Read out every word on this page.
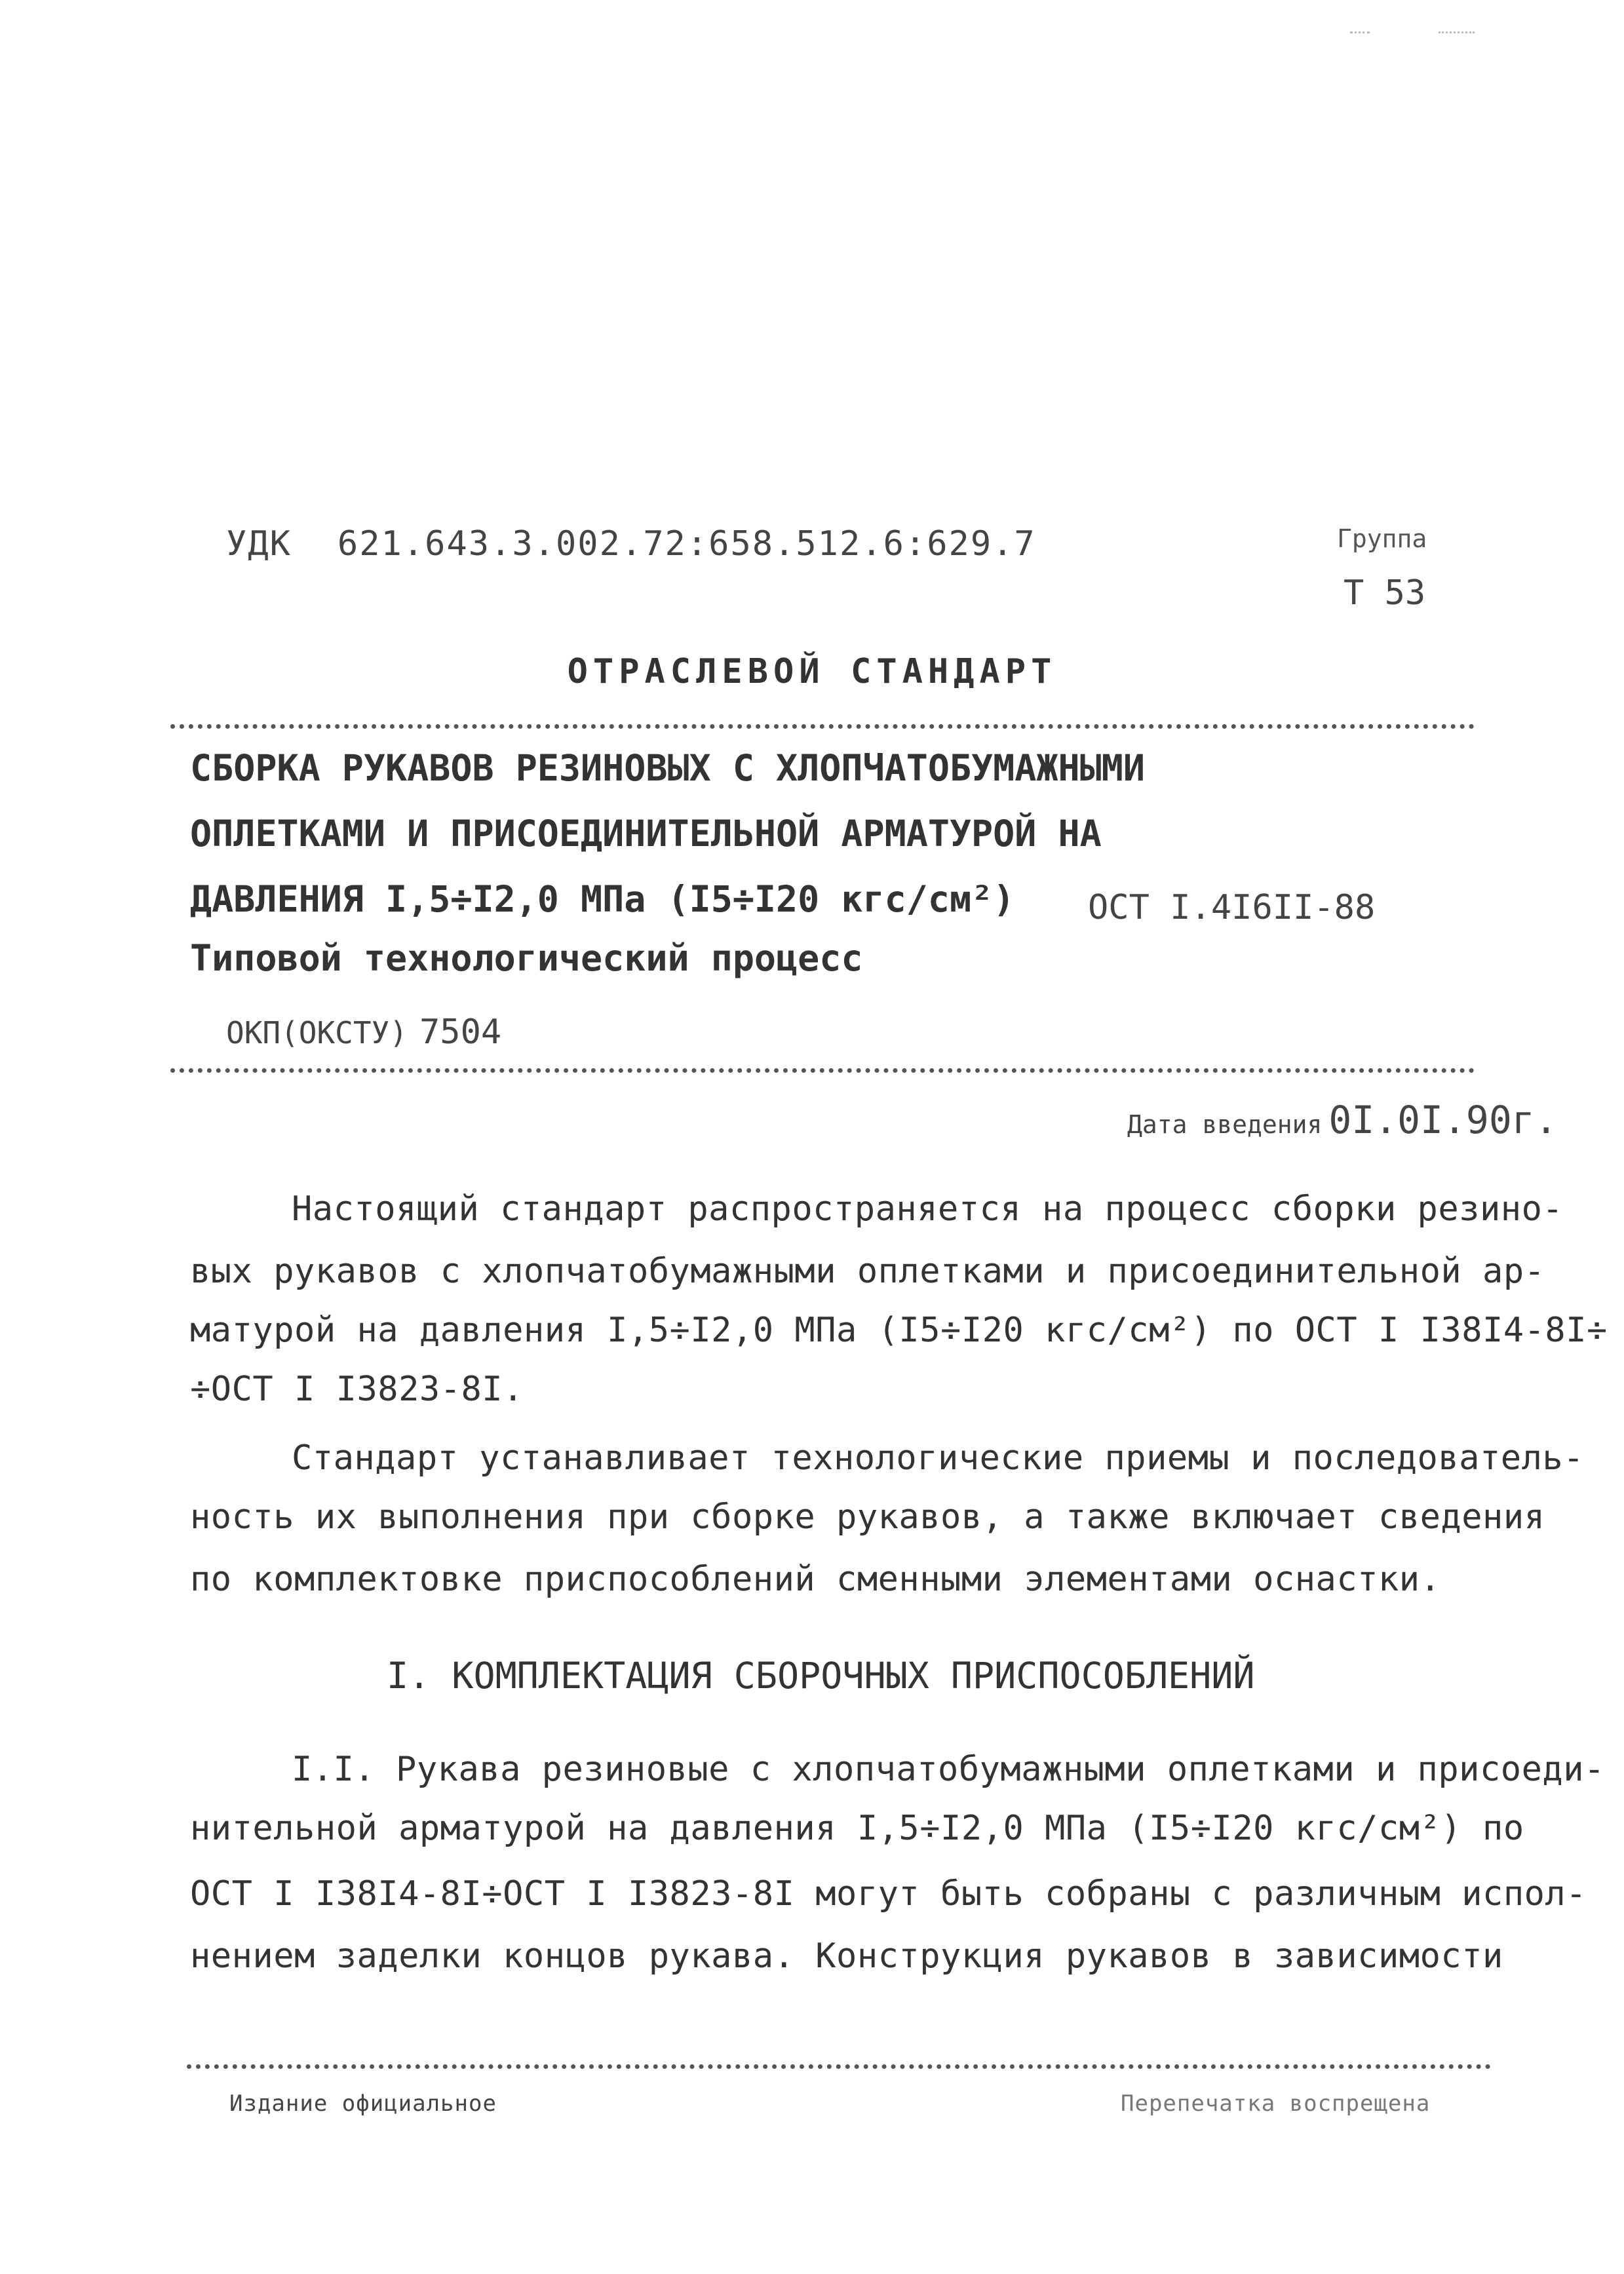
УДК 621.643.3.002.72:658.512.6:629.7	Группа
Т 53
ОТРАСЛЕВОЙ СТАНДАРТ
СБОРКА РУКАВОВ РЕЗИНОВЫХ С ХЛОПЧАТОБУМАЖНЫМИ
ОПЛЕТКАМИ И ПРИСОЕДИНИТЕЛЬНОЙ АРМАТУРОЙ НА
ДАВЛЕНИЯ I,5÷I2,0 МПа (I5÷I20 кгс/см²)
Типовой технологический процесс
ОСТ I.4I6II-88
ОКП(ОКСТУ) 7504
Дата введения 0I.0I.90г.
Настоящий стандарт распространяется на процесс сборки резино-
вых рукавов с хлопчатобумажными оплетками и присоединительной ар-
матурой на давления I,5÷I2,0 МПа (I5÷I20 кгс/см²) по ОСТ I I38I4-8I÷
÷ОСТ I I3823-8I.
Стандарт устанавливает технологические приемы и последователь-
ность их выполнения при сборке рукавов, а также включает сведения
по комплектовке приспособлений сменными элементами оснастки.
I. КОМПЛЕКТАЦИЯ СБОРОЧНЫХ ПРИСПОСОБЛЕНИЙ
I.I. Рукава резиновые с хлопчатобумажными оплетками и присоеди-
нительной арматурой на давления I,5÷I2,0 МПа (I5÷I20 кгс/см²) по
ОСТ I I38I4-8I÷ОСТ I I3823-8I могут быть собраны с различным испол-
нением заделки концов рукава. Конструкция рукавов в зависимости
Издание официальное	Перепечатка воспрещена
